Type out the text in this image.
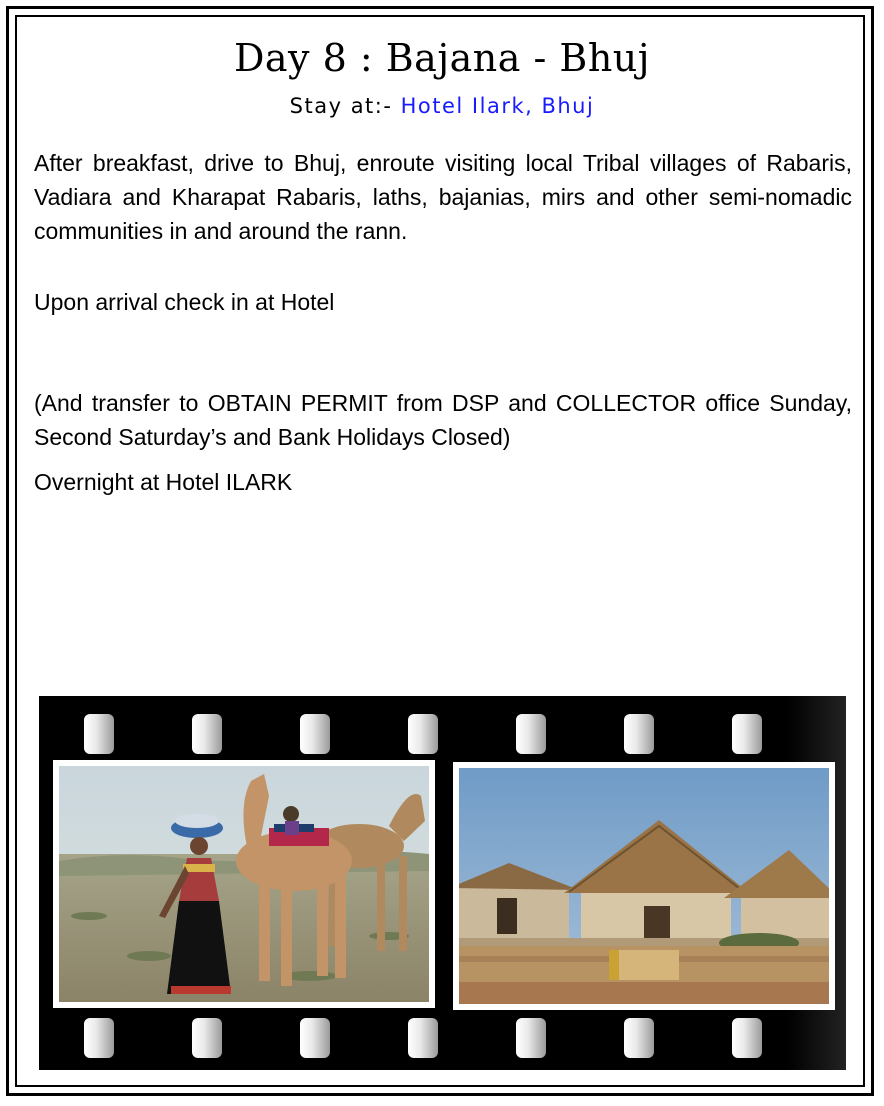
Day 8 : Bajana - Bhuj
Stay at:- Hotel Ilark, Bhuj

After breakfast, drive to Bhuj, enroute visiting local Tribal villages of Rabaris, Vadiara and Kharapat Rabaris, laths, bajanias, mirs and other semi-nomadic communities in and around the rann.

Upon arrival check in at Hotel

(And transfer to OBTAIN PERMIT from DSP and COLLECTOR office Sunday, Second Saturday’s and Bank Holidays Closed)

Overnight at Hotel ILARK
